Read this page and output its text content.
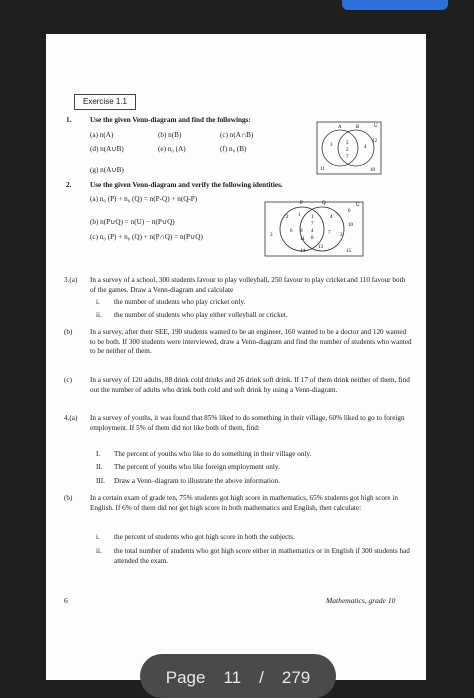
Exercise 1.1
1.	Use the given Venn-diagram and find the followings:
(a) n(A)	(b) n(B)	(c) n(A∩B)
(d) n(A∪B)	(e) n₀ (A)	(f) n₀ (B)
(g) n(A∪B)
A	B	U
3	5
2
4
7
11
12
10
2.	Use the given Venn-diagram and verify the following identities.
(a) n₀ (P) + n₀ (Q) = n(P-Q) + n(Q-P)
(b) n(P∪Q) = n(U) − n(P∪Q)
(c) n₀ (P) + n₀ (Q) + n(P∩Q) = n(P∪Q)
P	Q	U
2 1 1
7
4
4
6
8
10
11
9	7 2
3
13
14	15
0
3.(a) In a survey of a school, 300 students favour to play volleyball, 250 favour to play cricket and 110 favour both of the games. Draw a Venn-diagram and calculate
i. the number of students who play cricket only.
ii. the number of students who play either volleyball or cricket.
(b) In a survey, after their SEE, 190 students wanted to be an engineer, 160 wanted to be a doctor and 120 wanted to be both. If 300 students were interviewed, draw a Venn-diagram and find the number of students who wanted to be neither of them.
(c)	In a survey of 120 adults, 88 drink cold drinks and 26 drink soft drink. If 17 of them drink neither of them, find out the number of adults who drink both cold and soft drink by using a Venn-diagram.
4.(a) In a survey of youths, it was found that 85% liked to do something in their village, 60% liked to go to foreign employment. If 5% of them did not like both of them, find:
I. The percent of youths who like to do something in their village only.
II. The percent of youths who like foreign employment only.
III. Draw a Venn–diagram to illustrate the above information.
(b) In a certain exam of grade ten, 75% students got high score in mathematics, 65% students got high score in English. If 6% of them did not get high score in both mathematics and English, then calculate:
i. the percent of students who got high score in both the subjects.
ii. the total number of students who got high score either in mathematics or in English if 300 students had attended the exam.
6	Mathematics, grade 10
Page 11 / 279
